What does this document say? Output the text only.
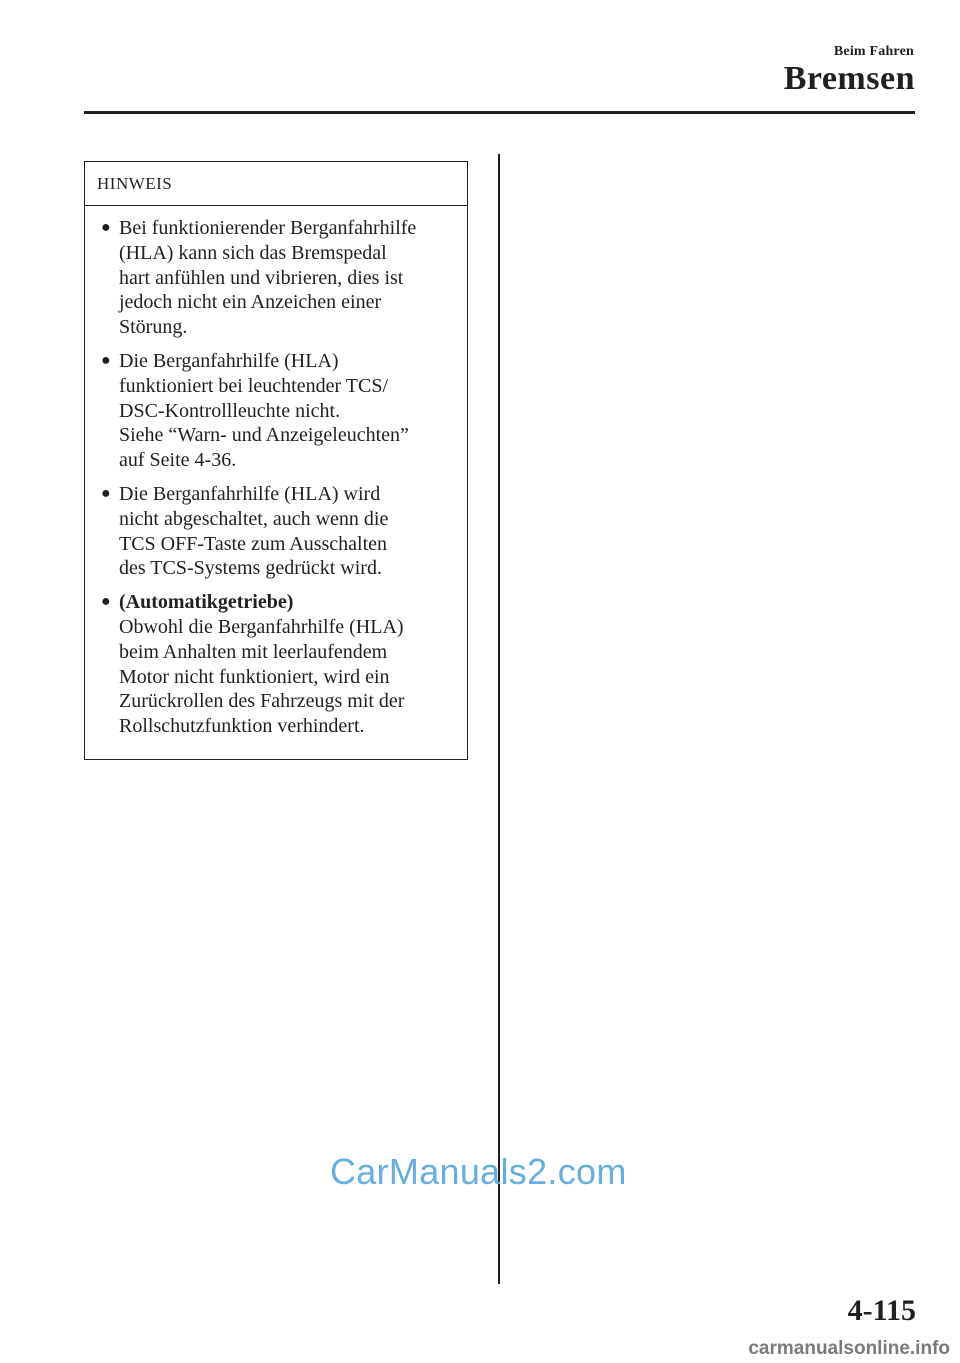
Beim Fahren
Bremsen
HINWEIS
● Bei funktionierender Berganfahrhilfe
(HLA) kann sich das Bremspedal
hart anfühlen und vibrieren, dies ist
jedoch nicht ein Anzeichen einer
Störung.
● Die Berganfahrhilfe (HLA)
funktioniert bei leuchtender TCS/
DSC-Kontrollleuchte nicht.
Siehe “Warn- und Anzeigeleuchten”
auf Seite 4-36.
● Die Berganfahrhilfe (HLA) wird
nicht abgeschaltet, auch wenn die
TCS OFF-Taste zum Ausschalten
des TCS-Systems gedrückt wird.
● (Automatikgetriebe)
Obwohl die Berganfahrhilfe (HLA)
beim Anhalten mit leerlaufendem
Motor nicht funktioniert, wird ein
Zurückrollen des Fahrzeugs mit der
Rollschutzfunktion verhindert.
CarManuals2.com
4-115
carmanualsonline.info
